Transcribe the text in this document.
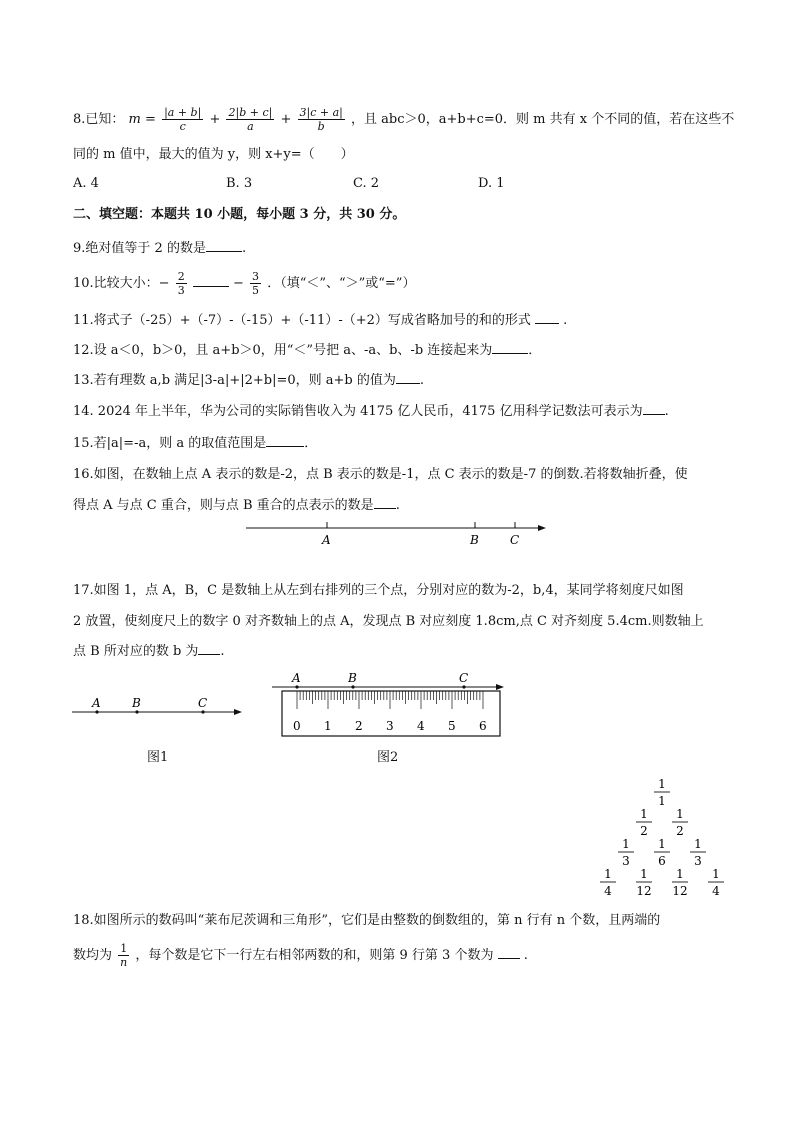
8.已知： $m = \frac{|a + b|}{c} + \frac{2|b + c|}{a} + \frac{3|c + a|}{b}$ ，且 abc＞0，a+b+c=0．则 m 共有 x 个不同的值，若在这些不
同的 m 值中，最大的值为 y，则 x+y=（　　）
A. 4	B. 3	C. 2	D. 1
二、填空题：本题共 10 小题，每小题 3 分，共 30 分。
9.绝对值等于 2 的数是	.
10.比较大小：− $\frac{2}{3}$	− $\frac{3}{5}$ ．（填“＜”、“＞”或“=”）
11.将式子（-25）+（-7）-（-15）+（-11）-（+2）写成省略加号的和的形式  .
12.设 a＜0，b＞0，且 a+b＞0，用“＜”号把 a、-a、b、-b 连接起来为	．
13.若有理数 a,b 满足|3-a|+|2+b|=0，则 a+b 的值为 .
14. 2024 年上半年，华为公司的实际销售收入为 4175 亿人民币，4175 亿用科学记数法可表示为 .
15.若|a|=-a，则 a 的取值范围是	．
16.如图，在数轴上点 A 表示的数是-2，点 B 表示的数是-1，点 C 表示的数是-7 的倒数.若将数轴折叠，使
得点 A 与点 C 重合，则与点 B 重合的点表示的数是 .
A	B	C
17.如图 1，点 A，B，C 是数轴上从左到右排列的三个点，分别对应的数为-2，b,4，某同学将刻度尺如图
2 放置，使刻度尺上的数字 0 对齐数轴上的点 A，发现点 B 对应刻度 1.8cm,点 C 对齐刻度 5.4cm.则数轴上
点 B 所对应的数 b 为 .
A	B	C
图1
A	B	C
0 1 2 3 4 5 6
图2
1
1
1
2
1
2
1
3
1
6
1
3
1
4
1
12
1
12
1
4
18.如图所示的数码叫“莱布尼茨调和三角形”，它们是由整数的倒数组的，第 n 行有 n 个数，且两端的
数均为 $\frac{1}{n}$ ，每个数是它下一行左右相邻两数的和，则第 9 行第 3 个数为  .
